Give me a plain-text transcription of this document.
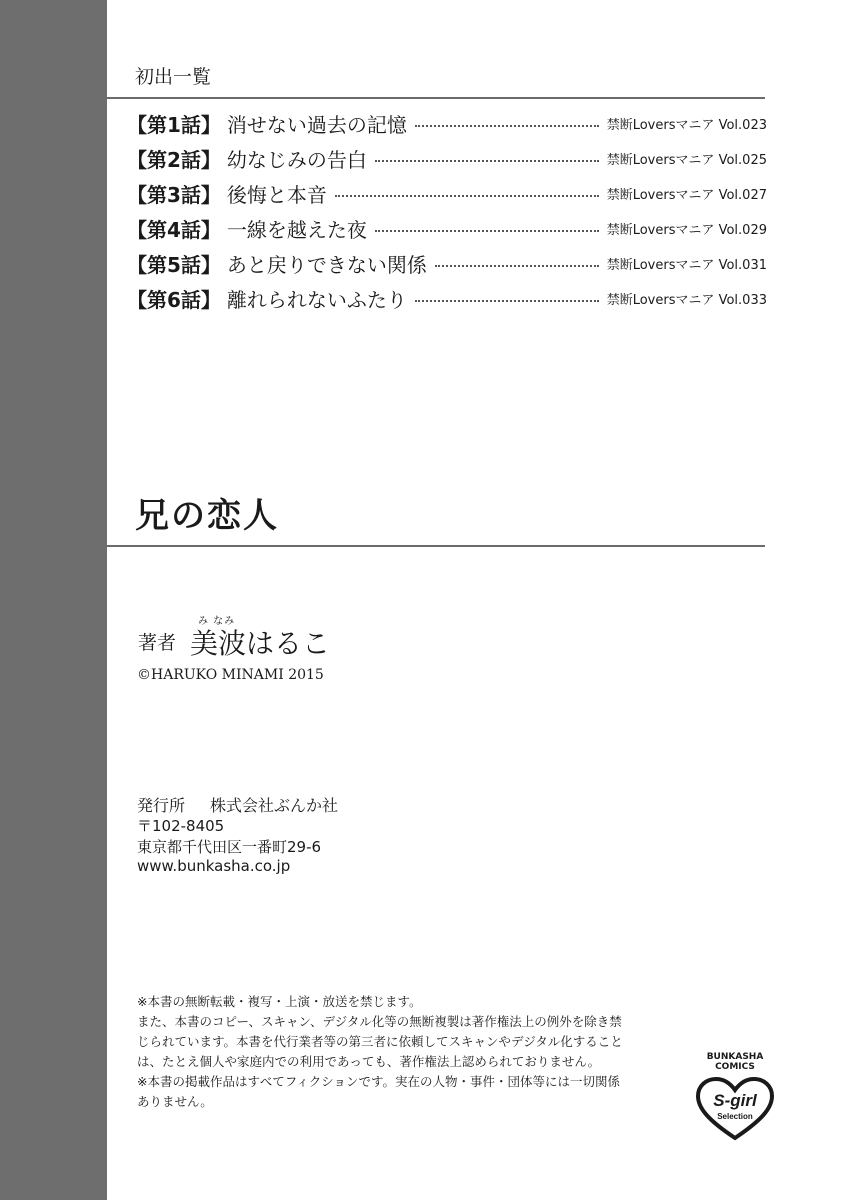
初出一覧
【第1話】 消せない過去の記憶	禁断Loversマニア Vol.023
【第2話】 幼なじみの告白	禁断Loversマニア Vol.025
【第3話】 後悔と本音	禁断Loversマニア Vol.027
【第4話】 一線を越えた夜	禁断Loversマニア Vol.029
【第5話】 あと戻りできない関係	禁断Loversマニア Vol.031
【第6話】 離れられないふたり	禁断Loversマニア Vol.033
兄の恋人
著者
み なみ
美波はるこ
©HARUKO MINAMI 2015
発行所 株式会社ぶんか社
〒102-8405
東京都千代田区一番町29-6
www.bunkasha.co.jp
※本書の無断転載・複写・上演・放送を禁じます。
また、本書のコピー、スキャン、デジタル化等の無断複製は著作権法上の例外を除き禁
じられています。本書を代行業者等の第三者に依頼してスキャンやデジタル化すること
は、たとえ個人や家庭内での利用であっても、著作権法上認められておりません。
※本書の掲載作品はすべてフィクションです。実在の人物・事件・団体等には一切関係
ありません。
BUNKASHA
COMICS
S-girl
Selection
